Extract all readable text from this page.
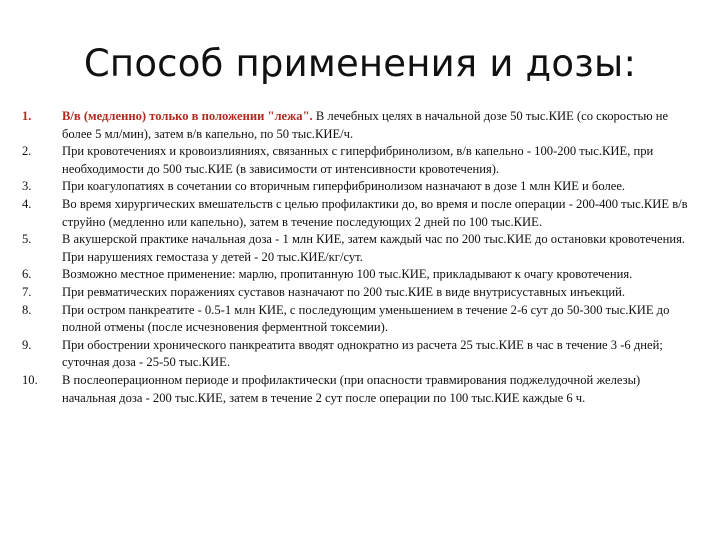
Способ применения и дозы:
1.	В/в (медленно) только в положении "лежа". В лечебных целях в начальной дозе 50 тыс.КИЕ (со скоростью не более 5 мл/мин), затем в/в капельно, по 50 тыс.КИЕ/ч.
2.	При кровотечениях и кровоизлияниях, связанных с гиперфибринолизом, в/в капельно - 100-200 тыс.КИЕ, при необходимости до 500 тыс.КИЕ (в зависимости от интенсивности кровотечения).
3.	При коагулопатиях в сочетании со вторичным гиперфибринолизом назначают в дозе 1 млн КИЕ и более.
4.	Во время хирургических вмешательств с целью профилактики до, во время и после операции - 200-400 тыс.КИЕ в/в струйно (медленно или капельно), затем в течение последующих 2 дней по 100 тыс.КИЕ.
5.	В акушерской практике начальная доза - 1 млн КИЕ, затем каждый час по 200 тыс.КИЕ до остановки кровотечения. При нарушениях гемостаза у детей - 20 тыс.КИЕ/кг/сут.
6.	Возможно местное применение: марлю, пропитанную 100 тыс.КИЕ, прикладывают к очагу кровотечения.
7.	При ревматических поражениях суставов назначают по 200 тыс.КИЕ в виде внутрисуставных инъекций.
8.	При остром панкреатите - 0.5-1 млн КИЕ, с последующим уменьшением в течение 2-6 сут до 50-300 тыс.КИЕ до полной отмены (после исчезновения ферментной токсемии).
9.	При обострении хронического панкреатита вводят однократно из расчета 25 тыс.КИЕ в час в течение 3 -6 дней; суточная доза - 25-50 тыс.КИЕ.
10.	В послеоперационном периоде и профилактически (при опасности травмирования поджелудочной железы) начальная доза - 200 тыс.КИЕ, затем в течение 2 сут после операции по 100 тыс.КИЕ каждые 6 ч.
